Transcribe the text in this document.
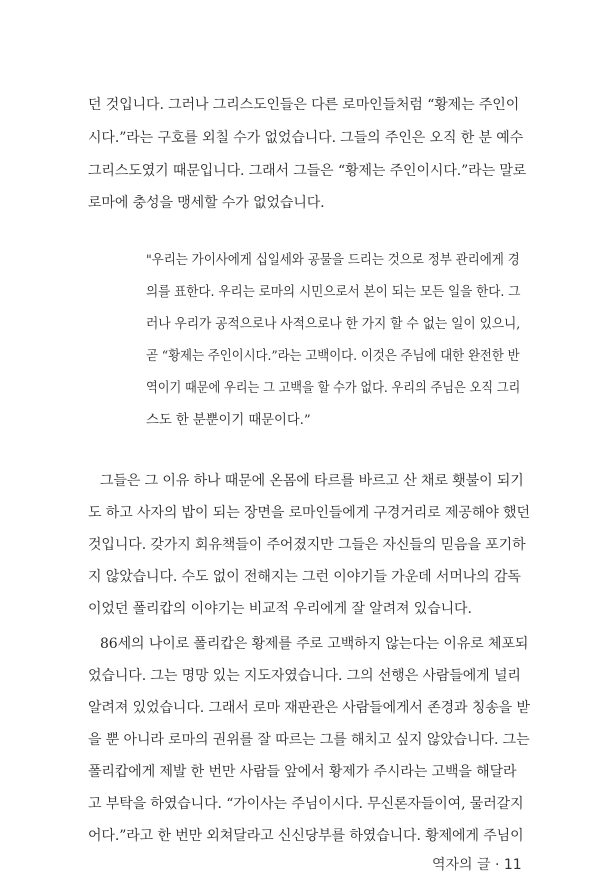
던 것입니다. 그러나 그리스도인들은 다른 로마인들처럼 “황제는 주인이
시다.”라는 구호를 외칠 수가 없었습니다. 그들의 주인은 오직 한 분 예수
그리스도였기 때문입니다. 그래서 그들은 “황제는 주인이시다.”라는 말로
로마에 충성을 맹세할 수가 없었습니다.
"우리는 가이사에게 십일세와 공물을 드리는 것으로 정부 관리에게 경
의를 표한다. 우리는 로마의 시민으로서 본이 되는 모든 일을 한다. 그
러나 우리가 공적으로나 사적으로나 한 가지 할 수 없는 일이 있으니,
곧 “황제는 주인이시다.”라는 고백이다. 이것은 주님에 대한 완전한 반
역이기 때문에 우리는 그 고백을 할 수가 없다. 우리의 주님은 오직 그리
스도 한 분뿐이기 때문이다.”
그들은 그 이유 하나 때문에 온몸에 타르를 바르고 산 채로 횃불이 되기
도 하고 사자의 밥이 되는 장면을 로마인들에게 구경거리로 제공해야 했던
것입니다. 갖가지 회유책들이 주어졌지만 그들은 자신들의 믿음을 포기하
지 않았습니다. 수도 없이 전해지는 그런 이야기들 가운데 서머나의 감독
이었던 폴리캅의 이야기는 비교적 우리에게 잘 알려져 있습니다.
86세의 나이로 폴리캅은 황제를 주로 고백하지 않는다는 이유로 체포되
었습니다. 그는 명망 있는 지도자였습니다. 그의 선행은 사람들에게 널리
알려져 있었습니다. 그래서 로마 재판관은 사람들에게서 존경과 칭송을 받
을 뿐 아니라 로마의 권위를 잘 따르는 그를 해치고 싶지 않았습니다. 그는
폴리캅에게 제발 한 번만 사람들 앞에서 황제가 주시라는 고백을 해달라
고 부탁을 하였습니다. “가이사는 주님이시다. 무신론자들이여, 물러갈지
어다.”라고 한 번만 외쳐달라고 신신당부를 하였습니다. 황제에게 주님이
역자의 글 · 11
